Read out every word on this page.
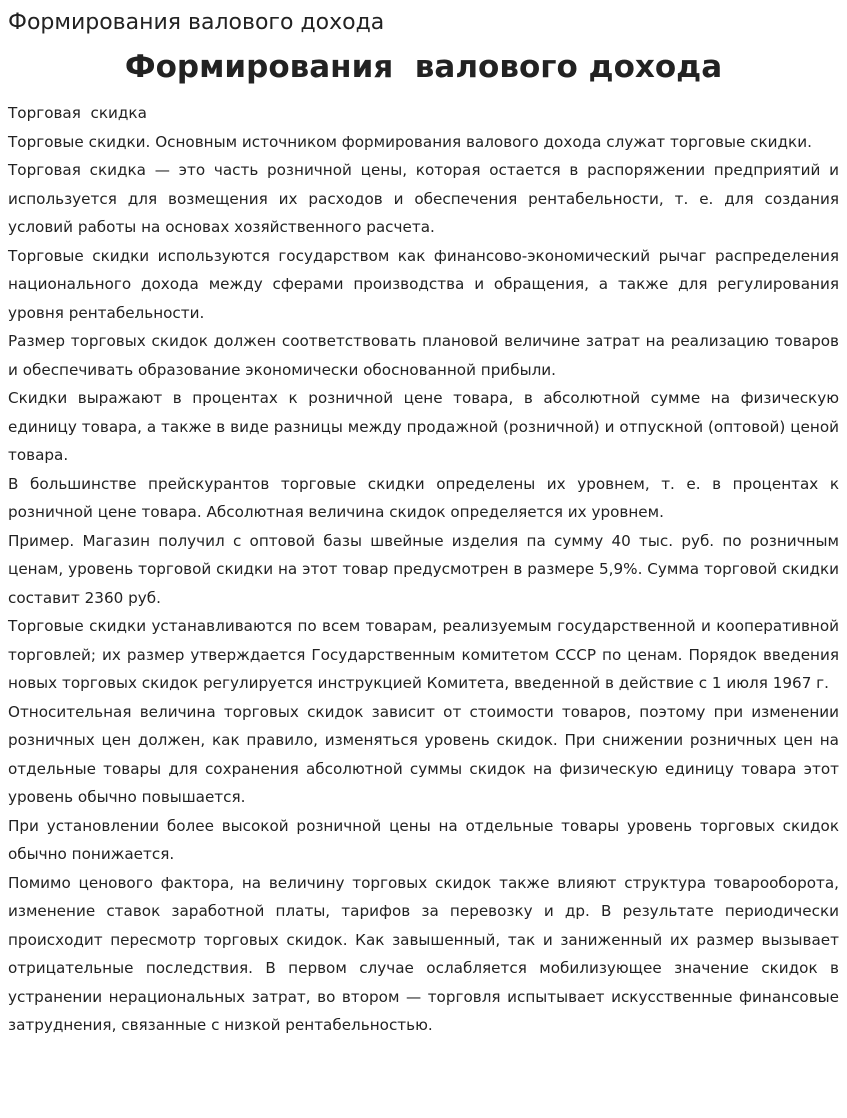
Формирования валового дохода
Формирования  валового дохода

Торговая  скидка

Торговые скидки. Основным источником формирования валового дохода служат торговые скидки.

Торговая скидка — это часть розничной цены, которая остается в распоряжении предприятий и используется для возмещения их расходов и обеспечения рентабельности, т. е. для создания условий работы на основах хозяйственного расчета.

Торговые скидки используются государством как финансово-экономический рычаг распределения национального дохода между сферами производства и обращения, а также для регулирования уровня рентабельности.

Размер торговых скидок должен соответствовать плановой величине затрат на реализацию товаров и обеспечивать образование экономически обоснованной прибыли.

Скидки выражают в процентах к розничной цене товара, в абсолютной сумме на физическую единицу товара, а также в виде разницы между продажной (розничной) и отпускной (оптовой) ценой товара.

В большинстве прейскурантов торговые скидки определены их уровнем, т. е. в процентах к розничной цене товара. Абсолютная величина скидок определяется их уровнем.

Пример. Магазин получил с оптовой базы швейные изделия па сумму 40 тыс. руб. по розничным ценам, уровень торговой скидки на этот товар предусмотрен в размере 5,9%. Сумма торговой скидки составит 2360 руб.

Торговые скидки устанавливаются по всем товарам, реализуемым государственной и кооперативной торговлей; их размер утверждается Государственным комитетом СССР по ценам. Порядок введения новых торговых скидок регулируется инструкцией Комитета, введенной в действие с 1 июля 1967 г.

Относительная величина торговых скидок зависит от стоимости товаров, поэтому при изменении розничных цен должен, как правило, изменяться уровень скидок. При снижении розничных цен на отдельные товары для сохранения абсолютной суммы скидок на физическую единицу товара этот уровень обычно повышается.

При установлении более высокой розничной цены на отдельные товары уровень торговых скидок обычно понижается.

Помимо ценового фактора, на величину торговых скидок также влияют структура товарооборота, изменение ставок заработной платы, тарифов за перевозку и др. В результате периодически происходит пересмотр торговых скидок. Как завышенный, так и заниженный их размер вызывает отрицательные последствия. В первом случае ослабляется мобилизующее значение скидок в устранении нерациональных затрат, во втором — торговля испытывает искусственные финансовые затруднения, связанные с низкой рентабельностью.
